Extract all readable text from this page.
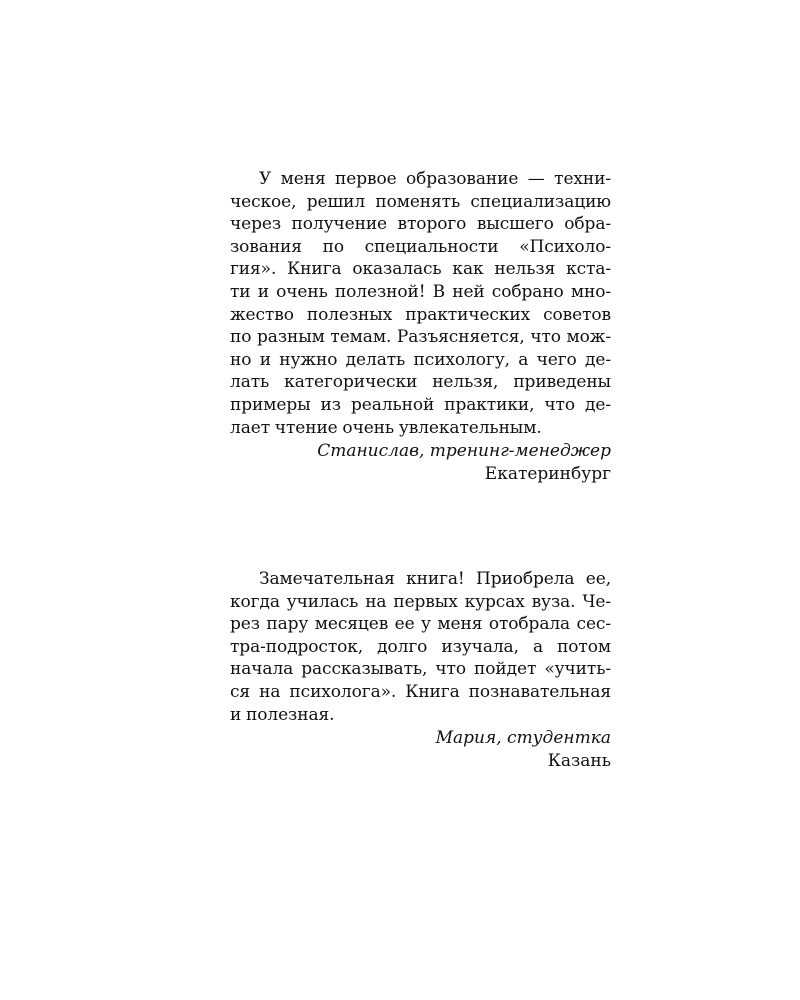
У меня первое образование — техни-
ческое, решил поменять специализацию
через получение второго высшего обра-
зования по специальности «Психоло-
гия». Книга оказалась как нельзя кста-
ти и очень полезной! В ней собрано мно-
жество полезных практических советов
по разным темам. Разъясняется, что мож-
но и нужно делать психологу, а чего де-
лать категорически нельзя, приведены
примеры из реальной практики, что де-
лает чтение очень увлекательным.
Станислав, тренинг-менеджер
Екатеринбург
Замечательная книга! Приобрела ее,
когда училась на первых курсах вуза. Че-
рез пару месяцев ее у меня отобрала сес-
тра-подросток, долго изучала, а потом
начала рассказывать, что пойдет «учить-
ся на психолога». Книга познавательная
и полезная.
Мария, студентка
Казань
